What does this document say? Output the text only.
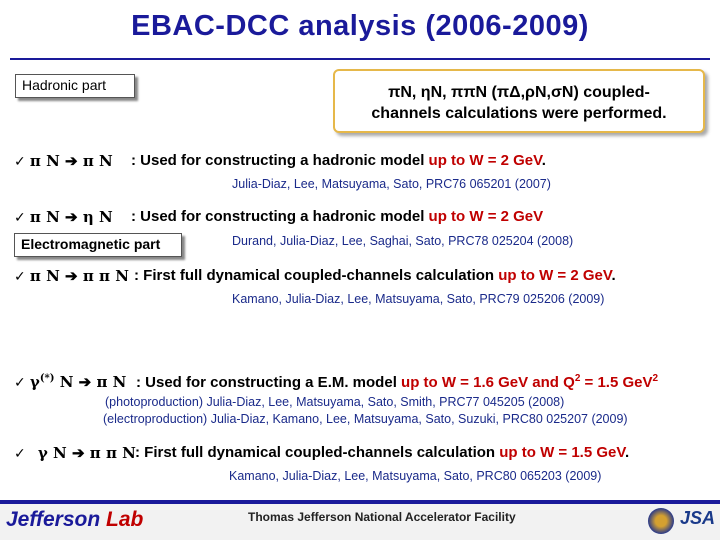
EBAC-DCC analysis (2006-2009)
Hadronic part	πN, ηN, ππN (πΔ,ρN,σN) coupled-
channels calculations were performed.
✓ π N ➔ π N : Used for constructing a hadronic model up to W = 2 GeV.
Julia-Diaz, Lee, Matsuyama, Sato, PRC76 065201 (2007)
✓ π N ➔ η N : Used for constructing a hadronic model up to W = 2 GeV
Electromagnetic part	Durand, Julia-Diaz, Lee, Saghai, Sato, PRC78 025204 (2008)
✓ π N ➔ π π N : First full dynamical coupled-channels calculation up to W = 2 GeV.
Kamano, Julia-Diaz, Lee, Matsuyama, Sato, PRC79 025206 (2009)
✓ γ(*) N ➔ π N : Used for constructing a E.M. model up to W = 1.6 GeV and $Q^2 = 1.5$ GeV$^2$
(photoproduction) Julia-Diaz, Lee, Matsuyama, Sato, Smith, PRC77 045205 (2008)
(electroproduction) Julia-Diaz, Kamano, Lee, Matsuyama, Sato, Suzuki, PRC80 025207 (2009)
✓ γ N ➔ π π N : First full dynamical coupled-channels calculation up to W = 1.5 GeV.
Kamano, Julia-Diaz, Lee, Matsuyama, Sato, PRC80 065203 (2009)
Jefferson Lab	Thomas Jefferson National Accelerator Facility	JSA
